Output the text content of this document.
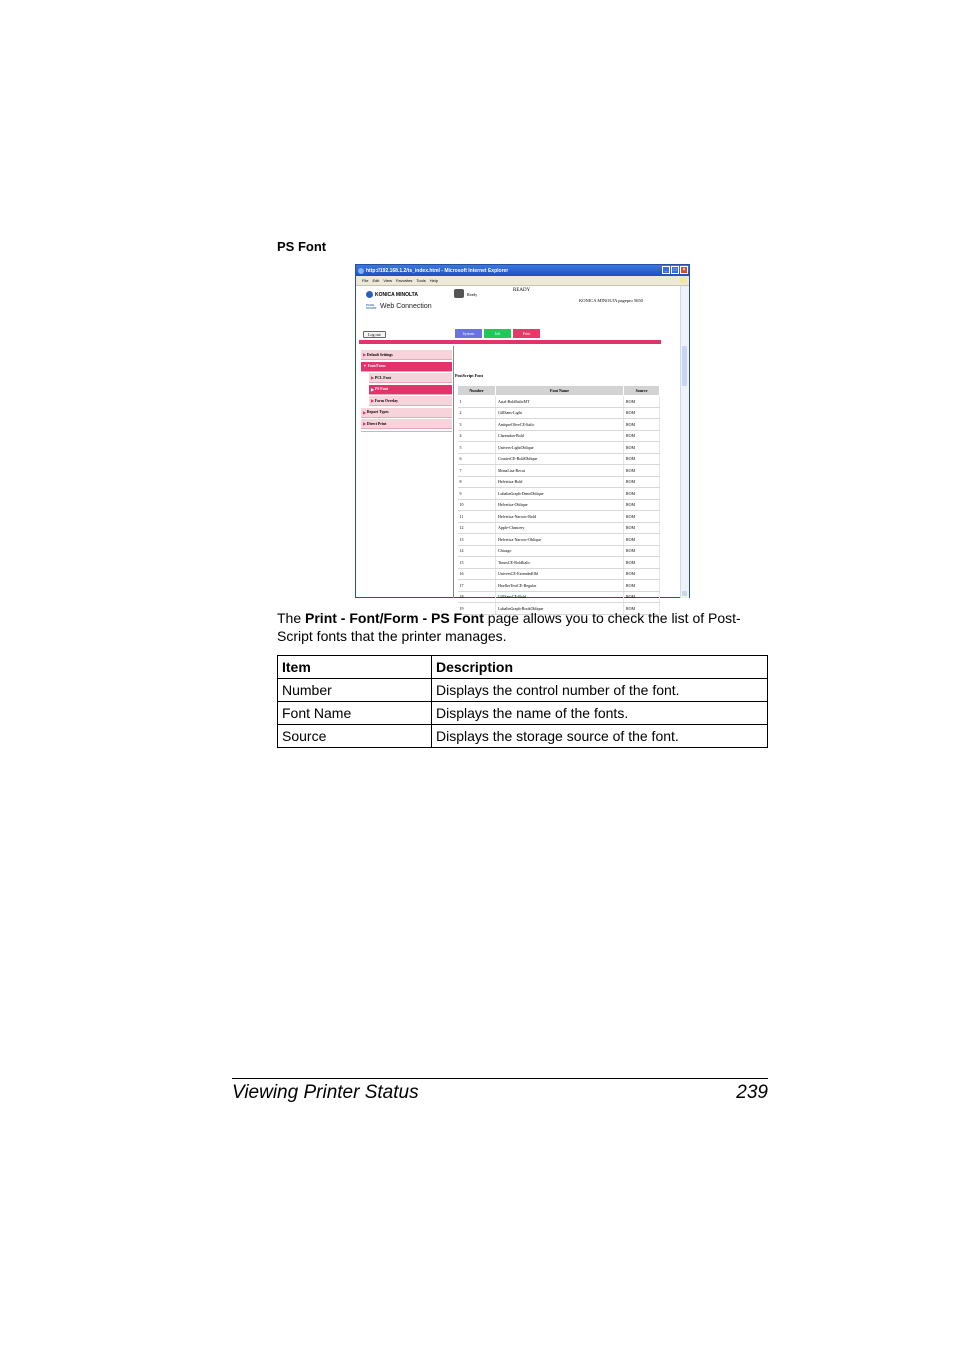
PS Font
http://192.168.1.2/ts_index.html - Microsoft Internet Explorer	_	□	×
File Edit View Favorites Tools Help
KONICA MINOLTA
PAGE SCOPE Web Connection
Ready
READY
KONICA MINOLTA pagepro 5650
Log out	System	Job	Print
▶ Default Settings
▼ Font/Form
▶ PCL Font
▶ PS Font
▶ Form Overlay
▶ Report Types
▶ Direct Print
PostScript Font
Number	Font Name	Source
1	Arial-BoldItalicMT	ROM
2	GillSans-Light	ROM
3	AntiqueOliveCE-Italic	ROM
4	Clarendon-Bold	ROM
5	Univers-LightOblique	ROM
6	CourierCE-BoldOblique	ROM
7	MonaLisa-Recut	ROM
8	Helvetica-Bold	ROM
9	LubalinGraph-DemiOblique	ROM
10	Helvetica-Oblique	ROM
11	Helvetica-Narrow-Bold	ROM
12	Apple-Chancery	ROM
13	Helvetica-Narrow-Oblique	ROM
14	Chicago	ROM
15	TimesCE-BoldItalic	ROM
16	UniversCE-ExtendedObl	ROM
17	HoeflerTextCE-Regular	ROM
18	GillSansCE-Bold	ROM
19	LubalinGraph-BookOblique	ROM
The Print - Font/Form - PS Font page allows you to check the list of Post-Script fonts that the printer manages.
Item	Description
Number	Displays the control number of the font.
Font Name	Displays the name of the fonts.
Source	Displays the storage source of the font.
Viewing Printer Status	239
